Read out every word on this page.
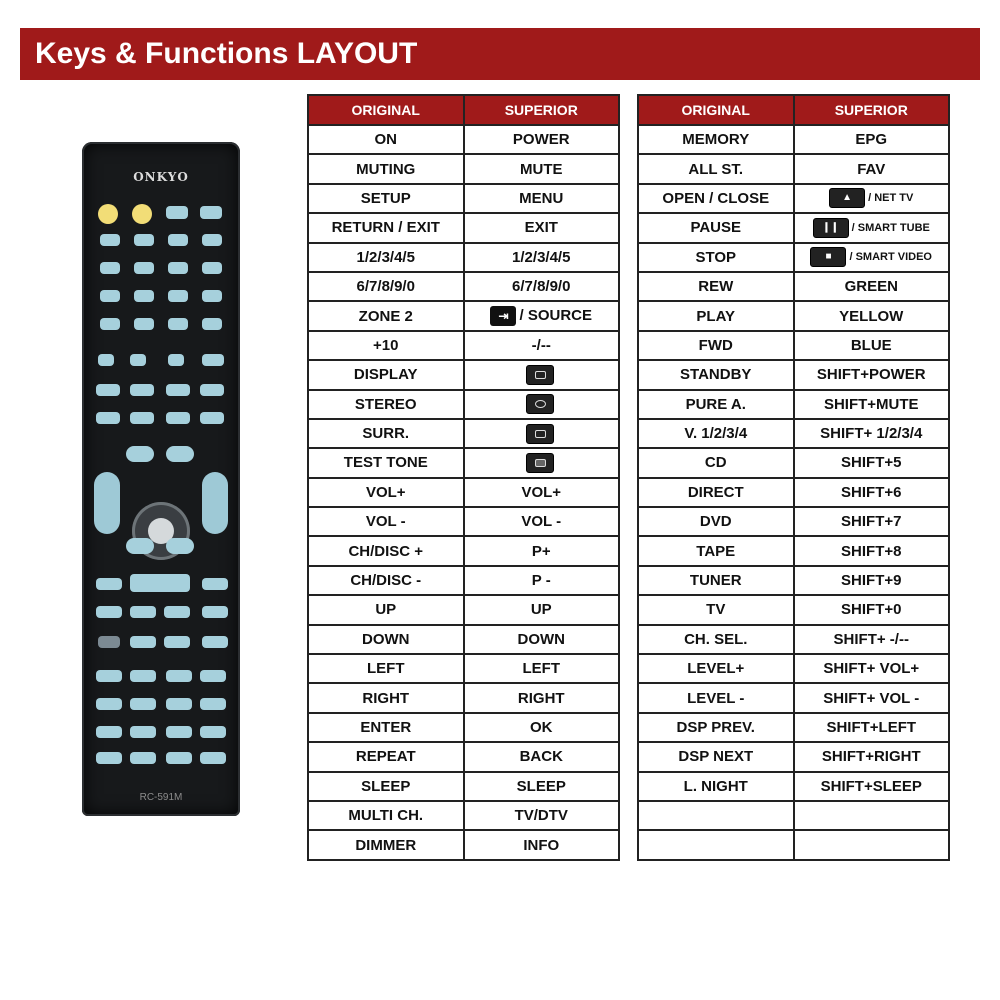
Keys & Functions LAYOUT
ONKYO
RC-591M
ORIGINAL	SUPERIOR
ON	POWER
MUTING	MUTE
SETUP	MENU
RETURN / EXIT	EXIT
1/2/3/4/5	1/2/3/4/5
6/7/8/9/0	6/7/8/9/0
ZONE 2	⇥ / SOURCE
+10	-/--
DISPLAY	

STEREO	

SURR.	

TEST TONE	

VOL+	VOL+
VOL -	VOL -
CH/DISC +	P+
CH/DISC -	P -
UP	UP
DOWN	DOWN
LEFT	LEFT
RIGHT	RIGHT
ENTER	OK
REPEAT	BACK
SLEEP	SLEEP
MULTI CH.	TV/DTV
DIMMER	INFO
ORIGINAL	SUPERIOR
MEMORY	EPG
ALL ST.	FAV
OPEN / CLOSE	▲ / NET TV
PAUSE	❙❙ / SMART TUBE
STOP	■ / SMART VIDEO
REW	GREEN
PLAY	YELLOW
FWD	BLUE
STANDBY	SHIFT+POWER
PURE A.	SHIFT+MUTE
V. 1/2/3/4	SHIFT+ 1/2/3/4
CD	SHIFT+5
DIRECT	SHIFT+6
DVD	SHIFT+7
TAPE	SHIFT+8
TUNER	SHIFT+9
TV	SHIFT+0
CH. SEL.	SHIFT+ -/--
LEVEL+	SHIFT+ VOL+
LEVEL -	SHIFT+ VOL -
DSP PREV.	SHIFT+LEFT
DSP NEXT	SHIFT+RIGHT
L. NIGHT	SHIFT+SLEEP
